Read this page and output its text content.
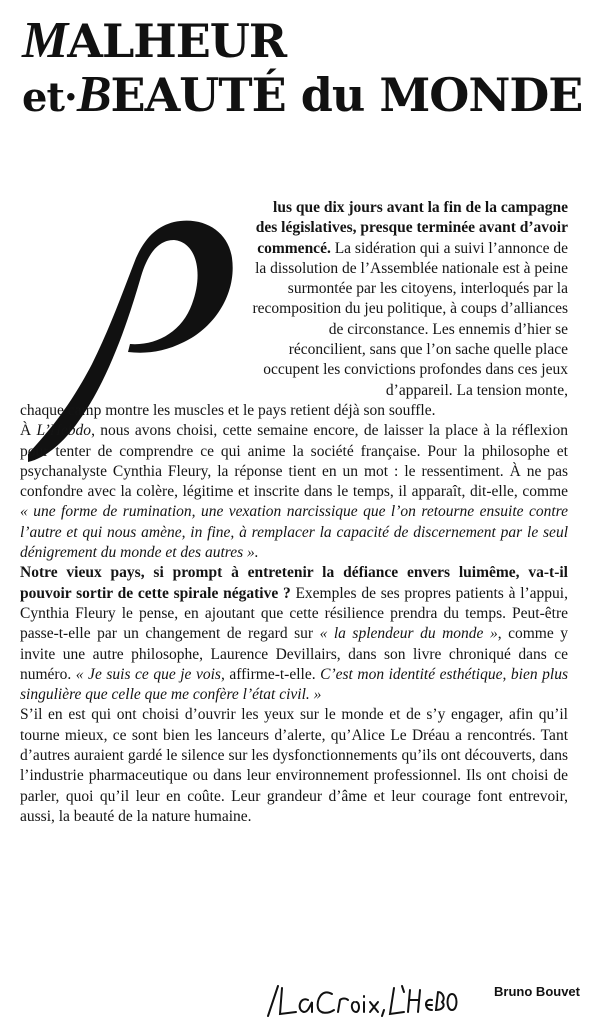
MALHEUR
et·BEAUTÉ du MONDE
P

lus que dix jours avant la fin de la campagne des législatives, presque terminée avant d’avoir commencé. La sidération qui a suivi l’annonce de la dissolution de l’Assemblée nationale est à peine surmontée par les citoyens, interloqués par la recomposition du jeu politique, à coups d’alliances de circonstance. Les ennemis d’hier se réconcilient, sans que l’on sache quelle place occupent les convictions profondes dans ces jeux d’appareil. La tension monte,

chaque camp montre les muscles et le pays retient déjà son souffle.

À L’Hebdo, nous avons choisi, cette semaine encore, de laisser la place à la réflexion pour tenter de comprendre ce qui anime la société française. Pour la philosophe et psychanalyste Cynthia Fleury, la réponse tient en un mot : le ressentiment. À ne pas confondre avec la colère, légitime et inscrite dans le temps, il apparaît, dit-elle, comme « une forme de rumination, une vexation narcissique que l’on retourne ensuite contre l’autre et qui nous amène, in fine, à remplacer la capacité de discernement par le seul dénigrement du monde et des autres ».

Notre vieux pays, si prompt à entretenir la défiance envers luimême, va-t-il pouvoir sortir de cette spirale négative ? Exemples de ses propres patients à l’appui, Cynthia Fleury le pense, en ajoutant que cette résilience prendra du temps. Peut-être passe-t-elle par un changement de regard sur « la splendeur du monde », comme y invite une autre philosophe, Laurence Devillairs, dans son livre chroniqué dans ce numéro. « Je suis ce que je vois, affirme-t-elle. C’est mon identité esthétique, bien plus singulière que celle que me confère l’état civil. »

S’il en est qui ont choisi d’ouvrir les yeux sur le monde et de s’y engager, afin qu’il tourne mieux, ce sont bien les lanceurs d’alerte, qu’Alice Le Dréau a rencontrés. Tant d’autres auraient gardé le silence sur les dysfonctionnements qu’ils ont découverts, dans l’industrie pharmaceutique ou dans leur environnement professionnel. Ils ont choisi de parler, quoi qu’il leur en coûte. Leur grandeur d’âme et leur courage font entrevoir, aussi, la beauté de la nature humaine.

/La Croix, L’Hebdo
Bruno Bouvet
